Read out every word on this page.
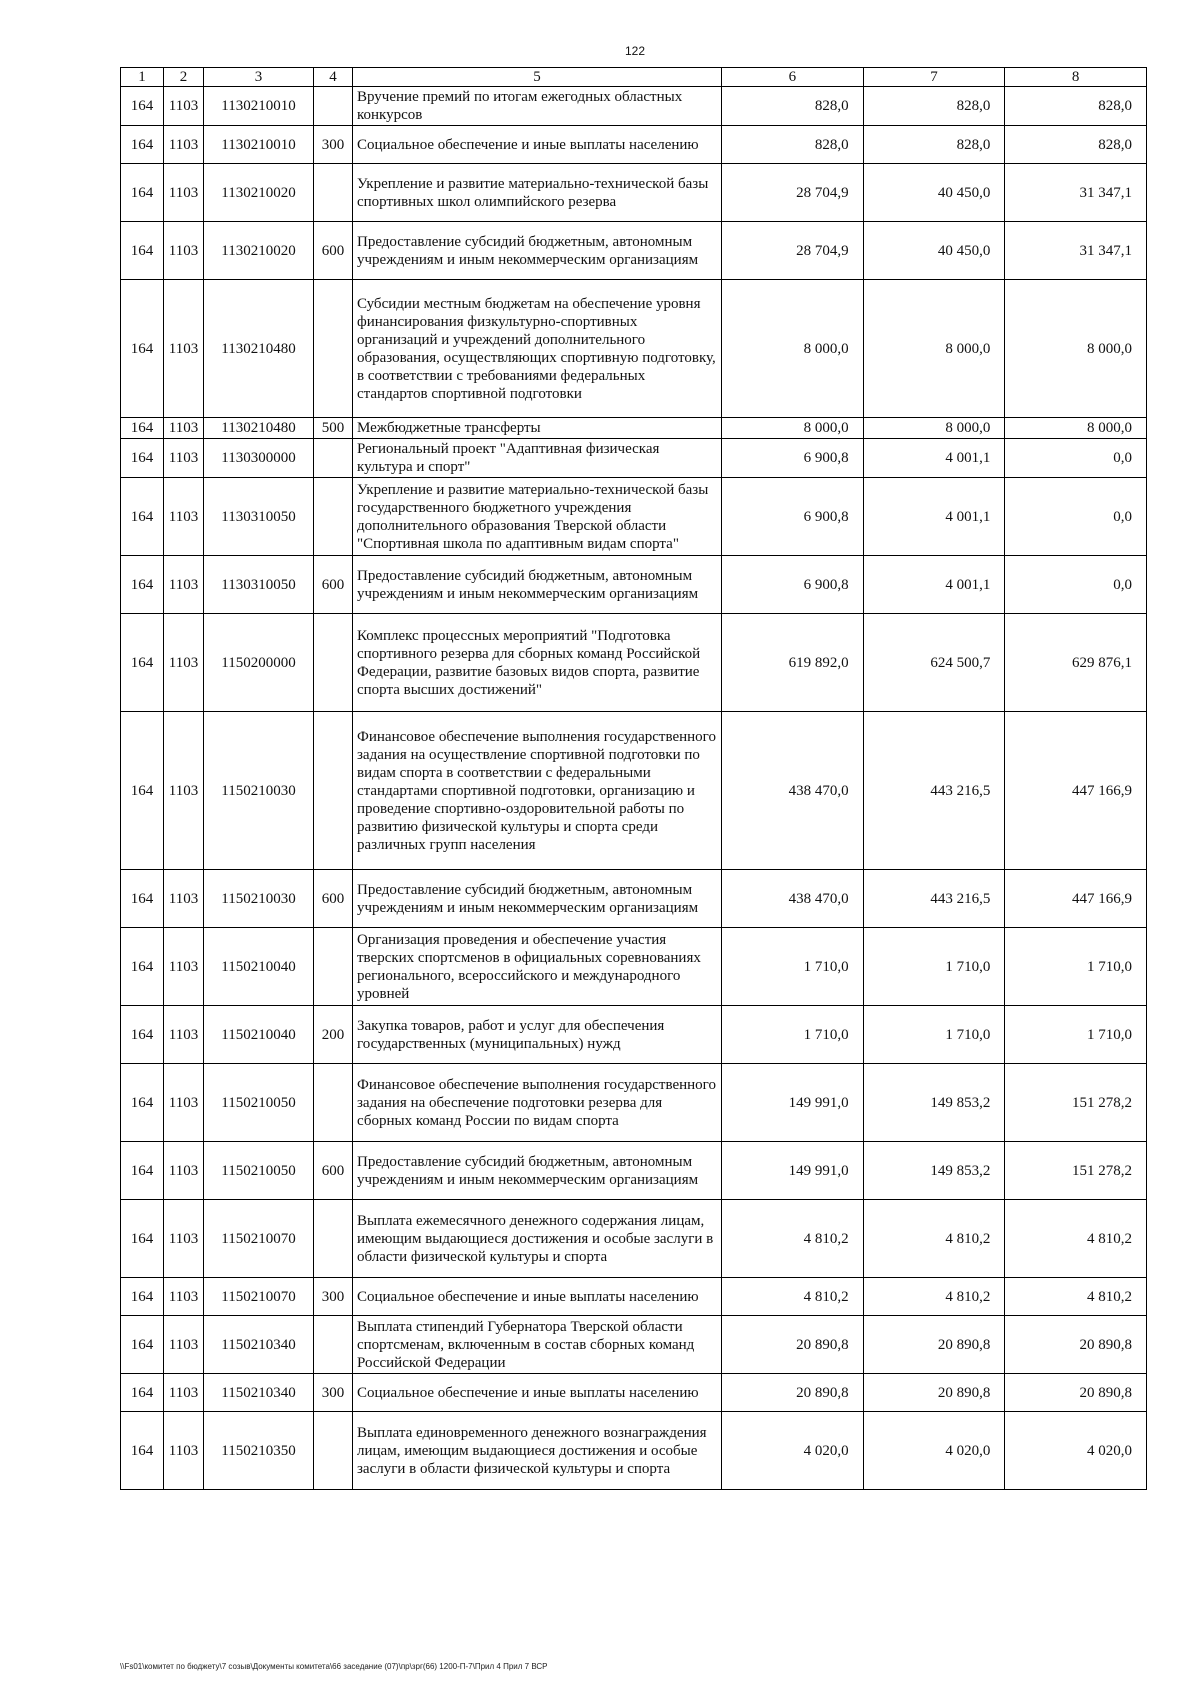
122
1	2	3	4	5	6	7	8
164	1103	1130210010		Вручение премий по итогам ежегодных областных конкурсов	828,0	828,0	828,0
164	1103	1130210010	300	Социальное обеспечение и иные выплаты населению	828,0	828,0	828,0
164	1103	1130210020		Укрепление и развитие материально-технической базы спортивных школ олимпийского резерва	28 704,9	40 450,0	31 347,1
164	1103	1130210020	600	Предоставление субсидий бюджетным, автономным учреждениям и иным некоммерческим организациям	28 704,9	40 450,0	31 347,1
164	1103	1130210480		Субсидии местным бюджетам на обеспечение уровня финансирования физкультурно-спортивных организаций и учреждений дополнительного образования, осуществляющих спортивную подготовку, в соответствии с требованиями федеральных стандартов спортивной подготовки	8 000,0	8 000,0	8 000,0
164	1103	1130210480	500	Межбюджетные трансферты	8 000,0	8 000,0	8 000,0
164	1103	1130300000		Региональный проект "Адаптивная физическая культура и спорт"	6 900,8	4 001,1	0,0
164	1103	1130310050		Укрепление и развитие материально-технической базы государственного бюджетного учреждения дополнительного образования Тверской области "Спортивная школа по адаптивным видам спорта"	6 900,8	4 001,1	0,0
164	1103	1130310050	600	Предоставление субсидий бюджетным, автономным учреждениям и иным некоммерческим организациям	6 900,8	4 001,1	0,0
164	1103	1150200000		Комплекс процессных мероприятий "Подготовка спортивного резерва для сборных команд Российской Федерации, развитие базовых видов спорта, развитие спорта высших достижений"	619 892,0	624 500,7	629 876,1
164	1103	1150210030		Финансовое обеспечение выполнения государственного задания на осуществление спортивной подготовки по видам спорта в соответствии с федеральными стандартами спортивной подготовки, организацию и проведение спортивно-оздоровительной работы по развитию физической культуры и спорта среди различных групп населения	438 470,0	443 216,5	447 166,9
164	1103	1150210030	600	Предоставление субсидий бюджетным, автономным учреждениям и иным некоммерческим организациям	438 470,0	443 216,5	447 166,9
164	1103	1150210040		Организация проведения и обеспечение участия тверских спортсменов в официальных соревнованиях регионального, всероссийского и международного уровней	1 710,0	1 710,0	1 710,0
164	1103	1150210040	200	Закупка товаров, работ и услуг для обеспечения государственных (муниципальных) нужд	1 710,0	1 710,0	1 710,0
164	1103	1150210050		Финансовое обеспечение выполнения государственного задания на обеспечение подготовки резерва для сборных команд России по видам спорта	149 991,0	149 853,2	151 278,2
164	1103	1150210050	600	Предоставление субсидий бюджетным, автономным учреждениям и иным некоммерческим организациям	149 991,0	149 853,2	151 278,2
164	1103	1150210070		Выплата ежемесячного денежного содержания лицам, имеющим выдающиеся достижения и особые заслуги в области физической культуры и спорта	4 810,2	4 810,2	4 810,2
164	1103	1150210070	300	Социальное обеспечение и иные выплаты населению	4 810,2	4 810,2	4 810,2
164	1103	1150210340		Выплата стипендий Губернатора Тверской области спортсменам, включенным в состав сборных команд Российской Федерации	20 890,8	20 890,8	20 890,8
164	1103	1150210340	300	Социальное обеспечение и иные выплаты населению	20 890,8	20 890,8	20 890,8
164	1103	1150210350		Выплата единовременного денежного вознаграждения лицам, имеющим выдающиеся достижения и особые заслуги в области физической культуры и спорта	4 020,0	4 020,0	4 020,0
\\Fs01\комитет по бюджету\7 созыв\Документы комитета\66 заседание (07)\пр\зрг(66) 1200-П-7\Прил 4 Прил 7 ВСР
